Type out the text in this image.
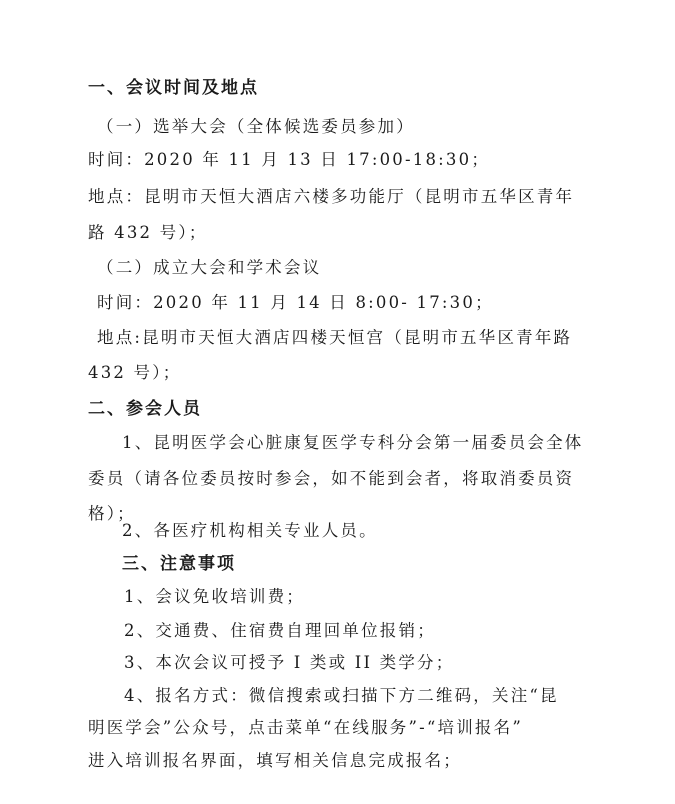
一、会议时间及地点
（一）选举大会（全体候选委员参加）
时间：2020 年 11 月 13 日 17:00-18:30；
地点：昆明市天恒大酒店六楼多功能厅（昆明市五华区青年
路 432 号）；
（二）成立大会和学术会议
时间：2020 年 11 月 14 日 8:00- 17:30；
地点:昆明市天恒大酒店四楼天恒宫（昆明市五华区青年路
432 号）；
二、参会人员
1、昆明医学会心脏康复医学专科分会第一届委员会全体
委员（请各位委员按时参会，如不能到会者，将取消委员资
格）；
2、各医疗机构相关专业人员。
三、注意事项
1、会议免收培训费；
2、交通费、住宿费自理回单位报销；
3、本次会议可授予 I 类或 II 类学分；
4、报名方式：微信搜索或扫描下方二维码，关注“昆
明医学会”公众号，点击菜单“在线服务”-“培训报名”
进入培训报名界面，填写相关信息完成报名；
